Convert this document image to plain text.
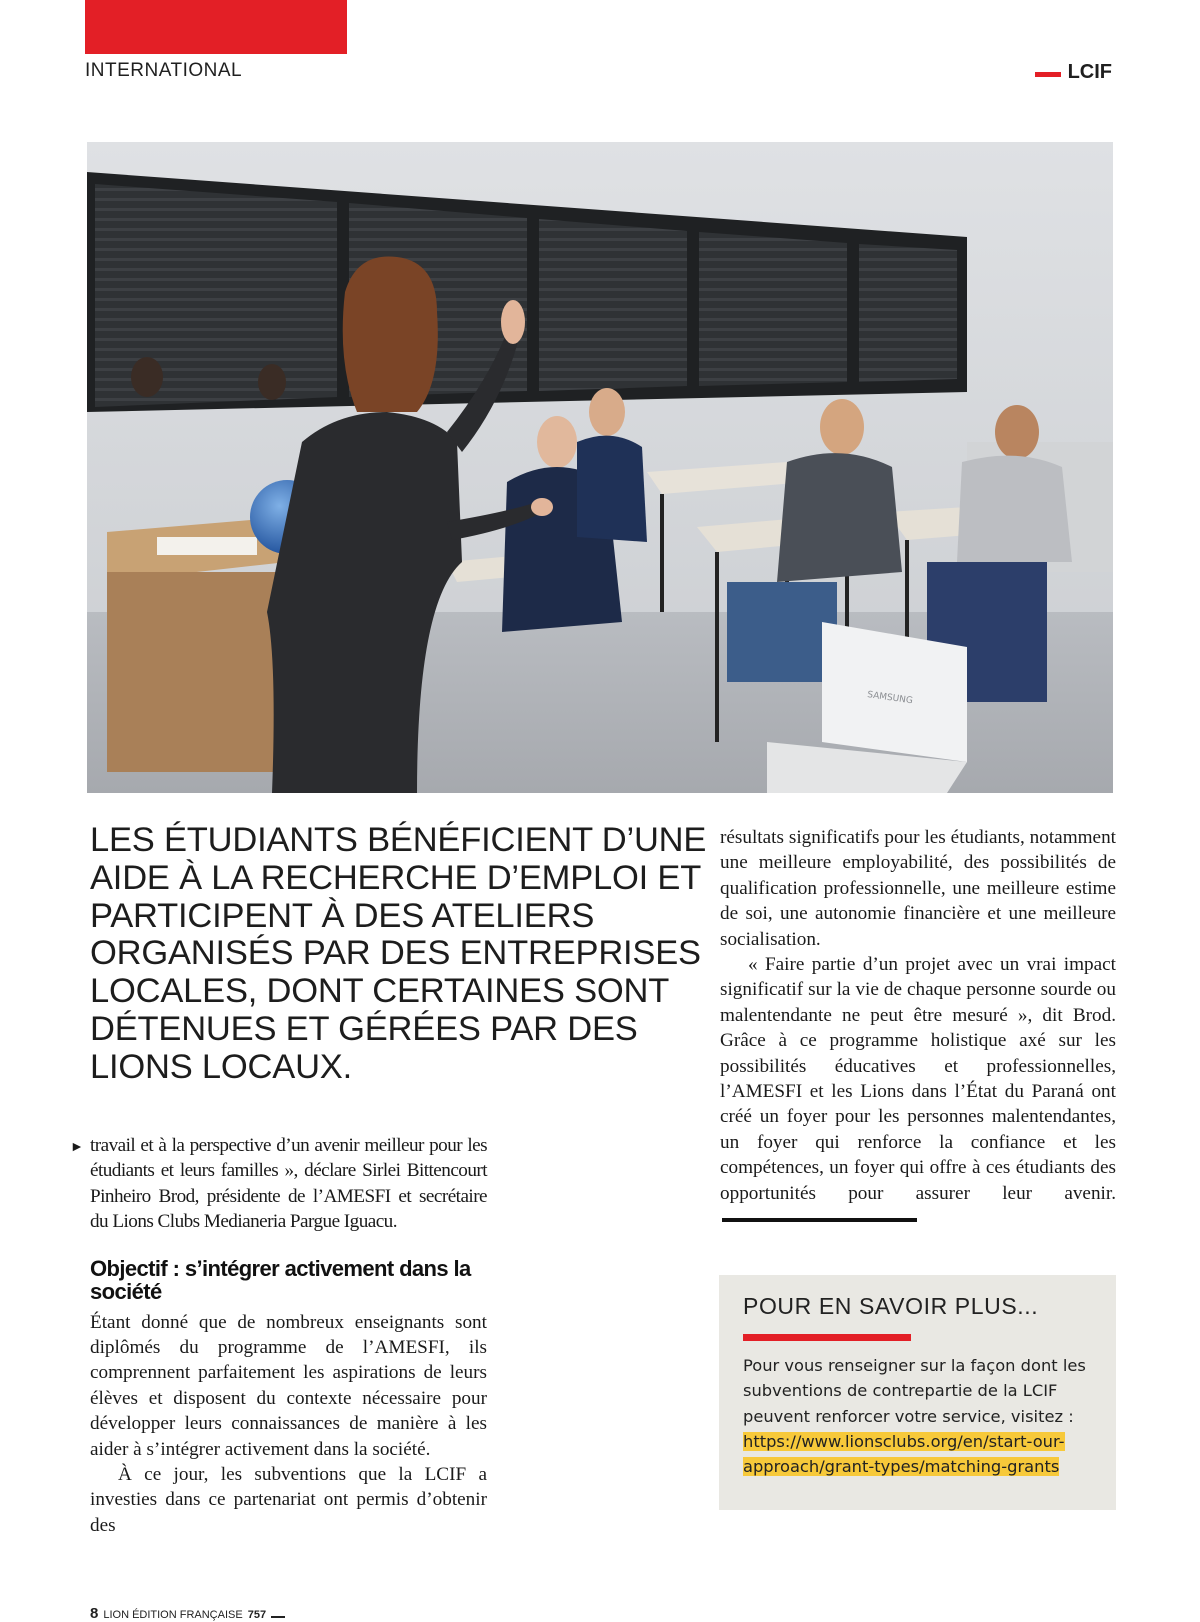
INTERNATIONAL	LCIF
SAMSUNG
LES ÉTUDIANTS BÉNÉFICIENT D’UNE AIDE À LA RECHERCHE D’EMPLOI ET PARTICIPENT À DES ATELIERS ORGANISÉS PAR DES ENTREPRISES LOCALES, DONT CERTAINES SONT DÉTENUES ET GÉRÉES PAR DES LIONS LOCAUX.
► travail et à la perspective d’un avenir meilleur pour les étudiants et leurs familles », déclare Sirlei Bittencourt Pinheiro Brod, présidente de l’AMESFI et secrétaire du Lions Clubs Medianeria Pargue Iguacu.

Objectif : s’intégrer activement dans la société

Étant donné que de nombreux enseignants sont diplômés du programme de l’AMESFI, ils comprennent parfaitement les aspirations de leurs élèves et disposent du contexte nécessaire pour développer leurs connaissances de manière à les aider à s’intégrer activement dans la société.

À ce jour, les subventions que la LCIF a investies dans ce partenariat ont permis d’obtenir des

résultats significatifs pour les étudiants, notamment une meilleure employabilité, des possibilités de qualification professionnelle, une meilleure estime de soi, une autonomie financière et une meilleure socialisation.

« Faire partie d’un projet avec un vrai impact significatif sur la vie de chaque personne sourde ou malentendante ne peut être mesuré », dit Brod. Grâce à ce programme holistique axé sur les possibilités éducatives et professionnelles, l’AMESFI et les Lions dans l’État du Paraná ont créé un foyer pour les personnes malentendantes, un foyer qui renforce la confiance et les compétences, un foyer qui offre à ces étudiants des opportunités pour assurer leur avenir.

POUR EN SAVOIR PLUS...
Pour vous renseigner sur la façon dont les subventions de contrepartie de la LCIF peuvent renforcer votre service, visitez : https://www.lionsclubs.org/en/start-our-approach/grant-types/matching-grants
8 LION ÉDITION FRANÇAISE 757
